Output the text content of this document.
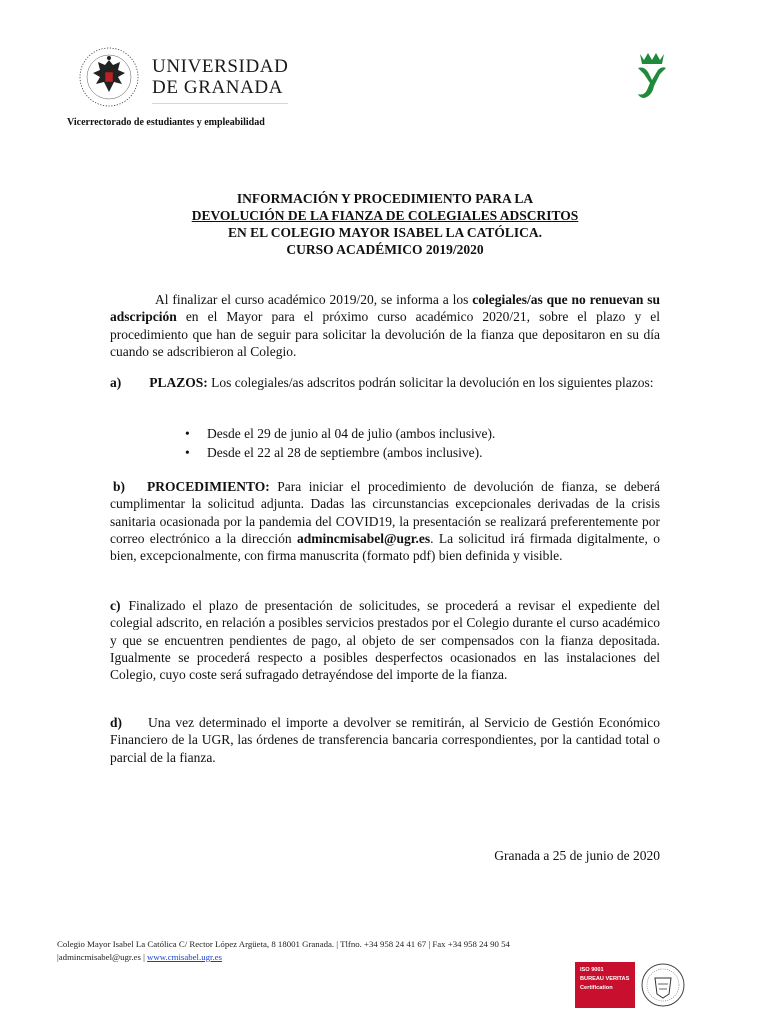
UNIVERSIDAD
DE GRANADA
Vicerrectorado de estudiantes y empleabilidad
INFORMACIÓN Y PROCEDIMIENTO PARA LA
DEVOLUCIÓN DE LA FIANZA DE COLEGIALES ADSCRITOS
EN EL COLEGIO MAYOR ISABEL LA CATÓLICA.
CURSO ACADÉMICO 2019/2020
Al finalizar el curso académico 2019/20, se informa a los colegiales/as que no renuevan su adscripción en el Mayor para el próximo curso académico 2020/21, sobre el plazo y el procedimiento que han de seguir para solicitar la devolución de la fianza que depositaron en su día cuando se adscribieron al Colegio.
a) PLAZOS: Los colegiales/as adscritos podrán solicitar la devolución en los siguientes plazos:
• Desde el 29 de junio al 04 de julio (ambos inclusive).
• Desde el 22 al 28 de septiembre (ambos inclusive).
b) PROCEDIMIENTO: Para iniciar el procedimiento de devolución de fianza, se deberá cumplimentar la solicitud adjunta. Dadas las circunstancias excepcionales derivadas de la crisis sanitaria ocasionada por la pandemia del COVID19, la presentación se realizará preferentemente por correo electrónico a la dirección admincmisabel@ugr.es. La solicitud irá firmada digitalmente, o bien, excepcionalmente, con firma manuscrita (formato pdf) bien definida y visible.
c) Finalizado el plazo de presentación de solicitudes, se procederá a revisar el expediente del colegial adscrito, en relación a posibles servicios prestados por el Colegio durante el curso académico y que se encuentren pendientes de pago, al objeto de ser compensados con la fianza depositada. Igualmente se procederá respecto a posibles desperfectos ocasionados en las instalaciones del Colegio, cuyo coste será sufragado detrayéndose del importe de la fianza.
d) Una vez determinado el importe a devolver se remitirán, al Servicio de Gestión Económico Financiero de la UGR, las órdenes de transferencia bancaria correspondientes, por la cantidad total o parcial de la fianza.
Granada a 25 de junio de 2020
Colegio Mayor Isabel La Católica C/ Rector López Argüeta, 8 18001 Granada. | Tlfno. +34 958 24 41 67 | Fax +34 958 24 90 54
|admincmisabel@ugr.es | www.cmisabel.ugr.es
ISO 9001
BUREAU VERITAS
Certification
